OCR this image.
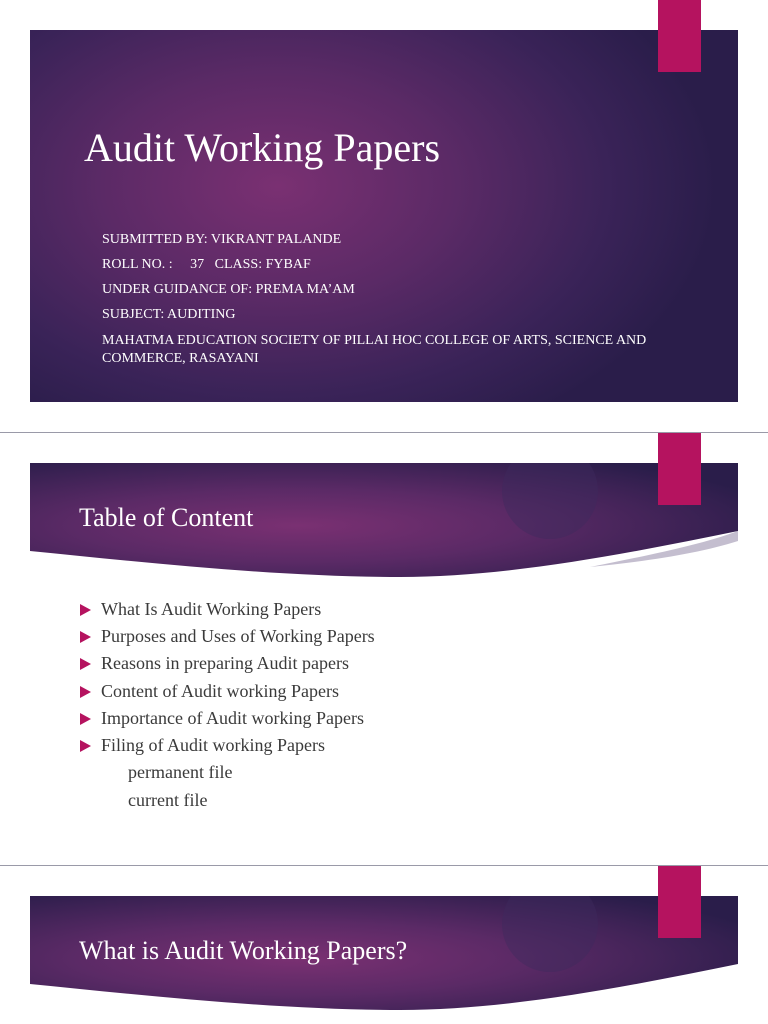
Audit Working Papers
SUBMITTED BY: VIKRANT PALANDE
ROLL NO. :     37   CLASS: FYBAF
UNDER GUIDANCE OF: PREMA MA’AM
SUBJECT: AUDITING
MAHATMA EDUCATION SOCIETY OF PILLAI HOC COLLEGE OF ARTS, SCIENCE AND
COMMERCE, RASAYANI
Table of Content
What Is Audit Working Papers
Purposes and Uses of Working Papers
Reasons in preparing Audit papers
Content of Audit working Papers
Importance of Audit working Papers
Filing of Audit working Papers
permanent file
current file
What is Audit Working Papers?
